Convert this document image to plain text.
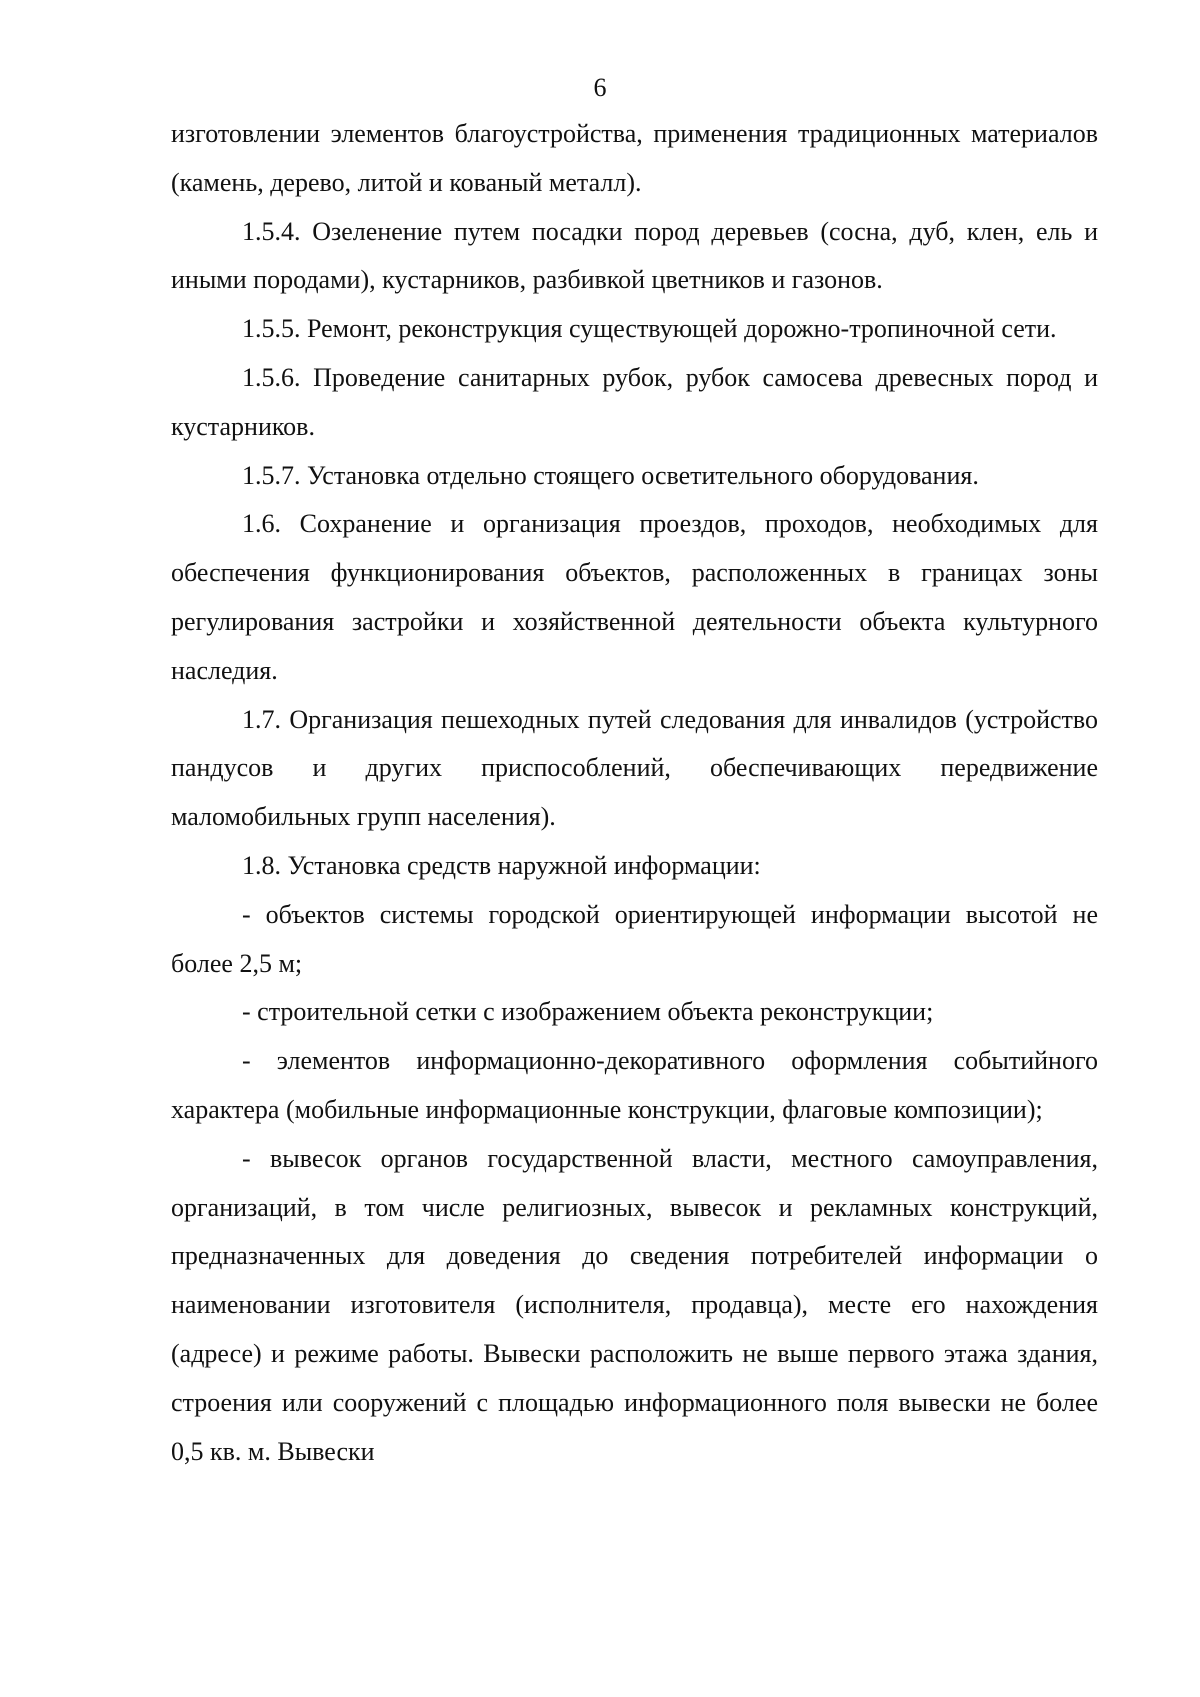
6

изготовлении элементов благоустройства, применения традиционных материалов (камень, дерево, литой и кованый металл).

1.5.4. Озеленение путем посадки пород деревьев (сосна, дуб, клен, ель и иными породами), кустарников, разбивкой цветников и газонов.

1.5.5. Ремонт, реконструкция существующей дорожно-тропиночной сети.

1.5.6. Проведение санитарных рубок, рубок самосева древесных пород и кустарников.

1.5.7. Установка отдельно стоящего осветительного оборудования.

1.6. Сохранение и организация проездов, проходов, необходимых для обеспечения функционирования объектов, расположенных в границах зоны регулирования застройки и хозяйственной деятельности объекта культурного наследия.

1.7. Организация пешеходных путей следования для инвалидов (устройство пандусов и других приспособлений, обеспечивающих передвижение маломобильных групп населения).

1.8. Установка средств наружной информации:

- объектов системы городской ориентирующей информации высотой не более 2,5 м;

- строительной сетки с изображением объекта реконструкции;

- элементов информационно-декоративного оформления событийного характера (мобильные информационные конструкции, флаговые композиции);

- вывесок органов государственной власти, местного самоуправления, организаций, в том числе религиозных, вывесок и рекламных конструкций, предназначенных для доведения до сведения потребителей информации о наименовании изготовителя (исполнителя, продавца), месте его нахождения (адресе) и режиме работы. Вывески расположить не выше первого этажа здания, строения или сооружений с площадью информационного поля вывески не более 0,5 кв. м. Вывески
